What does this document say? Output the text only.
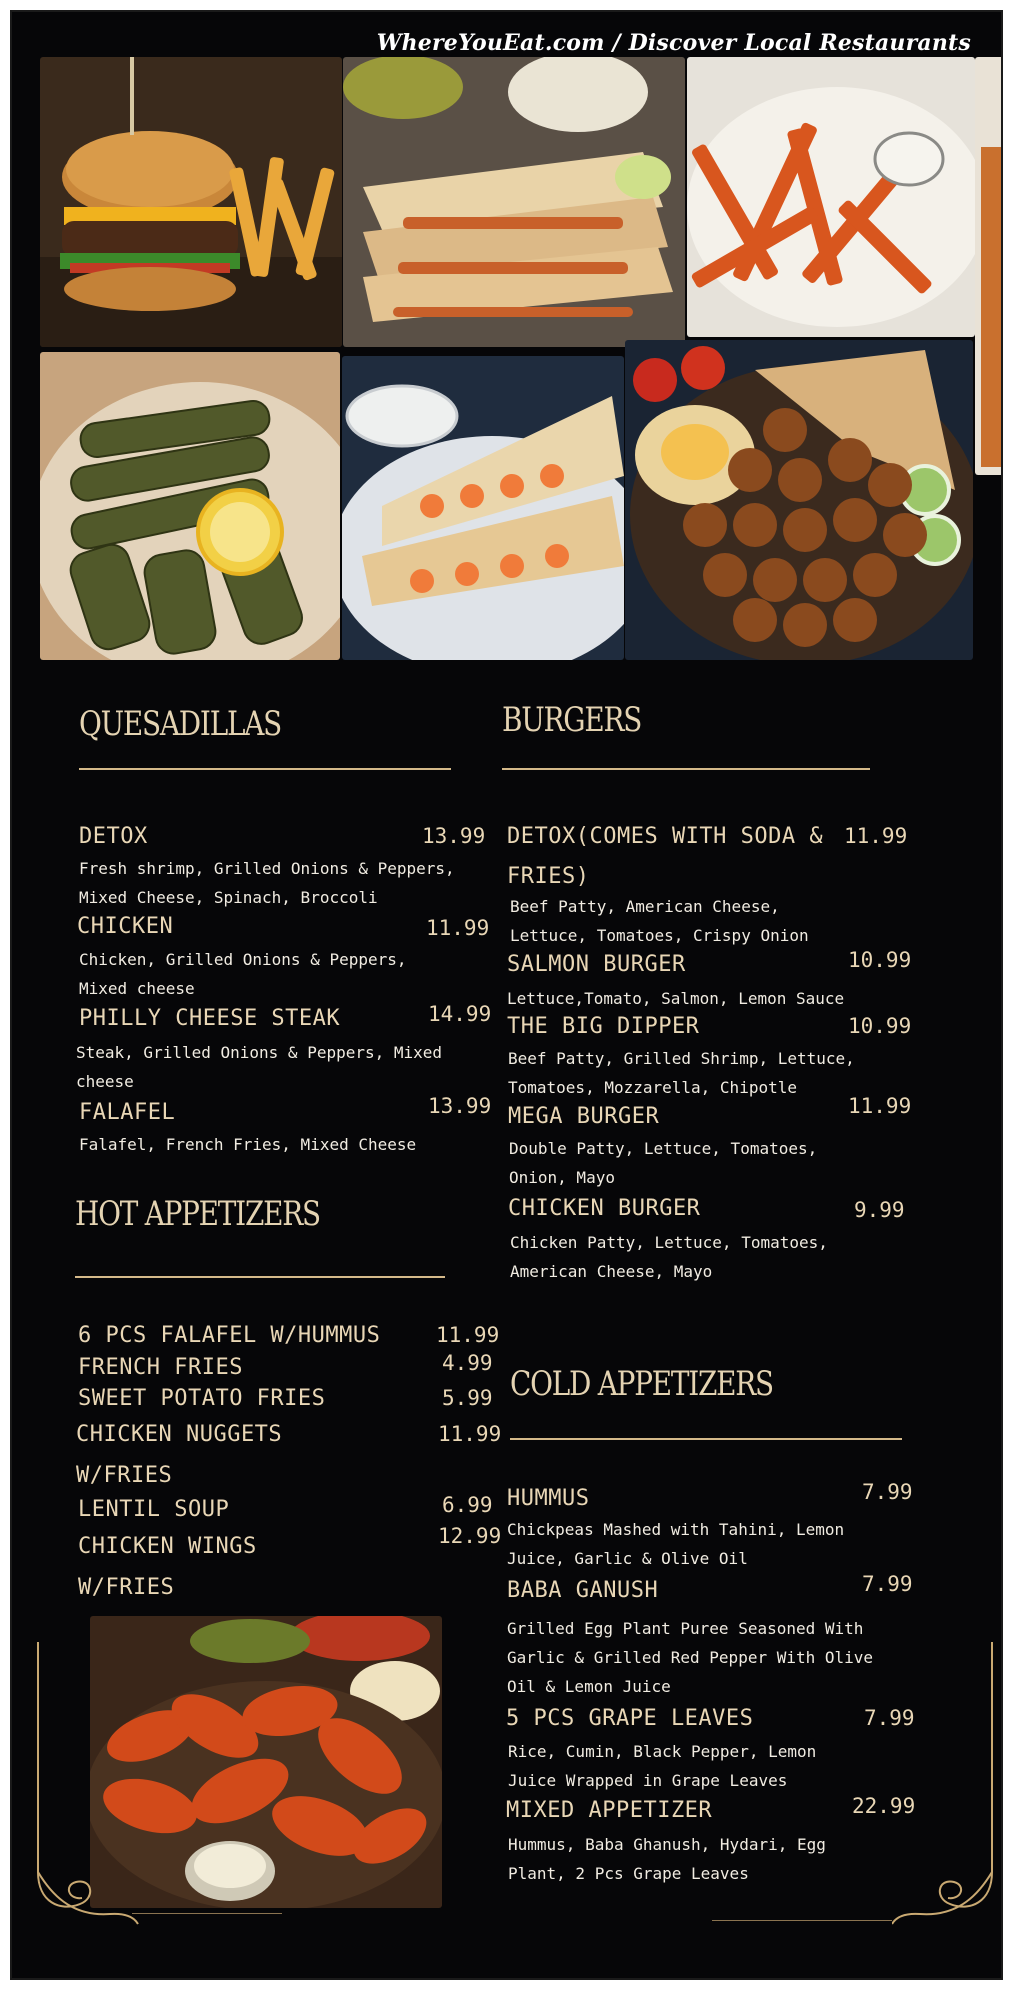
WhereYouEat.com / Discover Local Restaurants
QUESADILLAS
DETOX	13.99
Fresh shrimp, Grilled Onions & Peppers,
Mixed Cheese, Spinach, Broccoli
CHICKEN	11.99
Chicken, Grilled Onions & Peppers,
Mixed cheese
PHILLY CHEESE STEAK	14.99
Steak, Grilled Onions & Peppers, Mixed
cheese
FALAFEL	13.99
Falafel, French Fries, Mixed Cheese
HOT APPETIZERS
6 PCS FALAFEL W/HUMMUS	11.99
FRENCH FRIES	4.99
SWEET POTATO FRIES	5.99
CHICKEN NUGGETS	11.99
W/FRIES
LENTIL SOUP	6.99
CHICKEN WINGS	12.99
W/FRIES
BURGERS
DETOX(COMES WITH SODA & 11.99
FRIES)
Beef Patty, American Cheese,
Lettuce, Tomatoes, Crispy Onion
SALMON BURGER	10.99
Lettuce,Tomato, Salmon, Lemon Sauce
THE BIG DIPPER	10.99
Beef Patty, Grilled Shrimp, Lettuce,
Tomatoes, Mozzarella, Chipotle
MEGA BURGER	11.99
Double Patty, Lettuce, Tomatoes,
Onion, Mayo
CHICKEN BURGER	9.99
Chicken Patty, Lettuce, Tomatoes,
American Cheese, Mayo
COLD APPETIZERS
HUMMUS	7.99
Chickpeas Mashed with Tahini, Lemon
Juice, Garlic & Olive Oil
BABA GANUSH	7.99
Grilled Egg Plant Puree Seasoned With
Garlic & Grilled Red Pepper With Olive
Oil & Lemon Juice
5 PCS GRAPE LEAVES	7.99
Rice, Cumin, Black Pepper, Lemon
Juice Wrapped in Grape Leaves
MIXED APPETIZER	22.99
Hummus, Baba Ghanush, Hydari, Egg
Plant, 2 Pcs Grape Leaves
